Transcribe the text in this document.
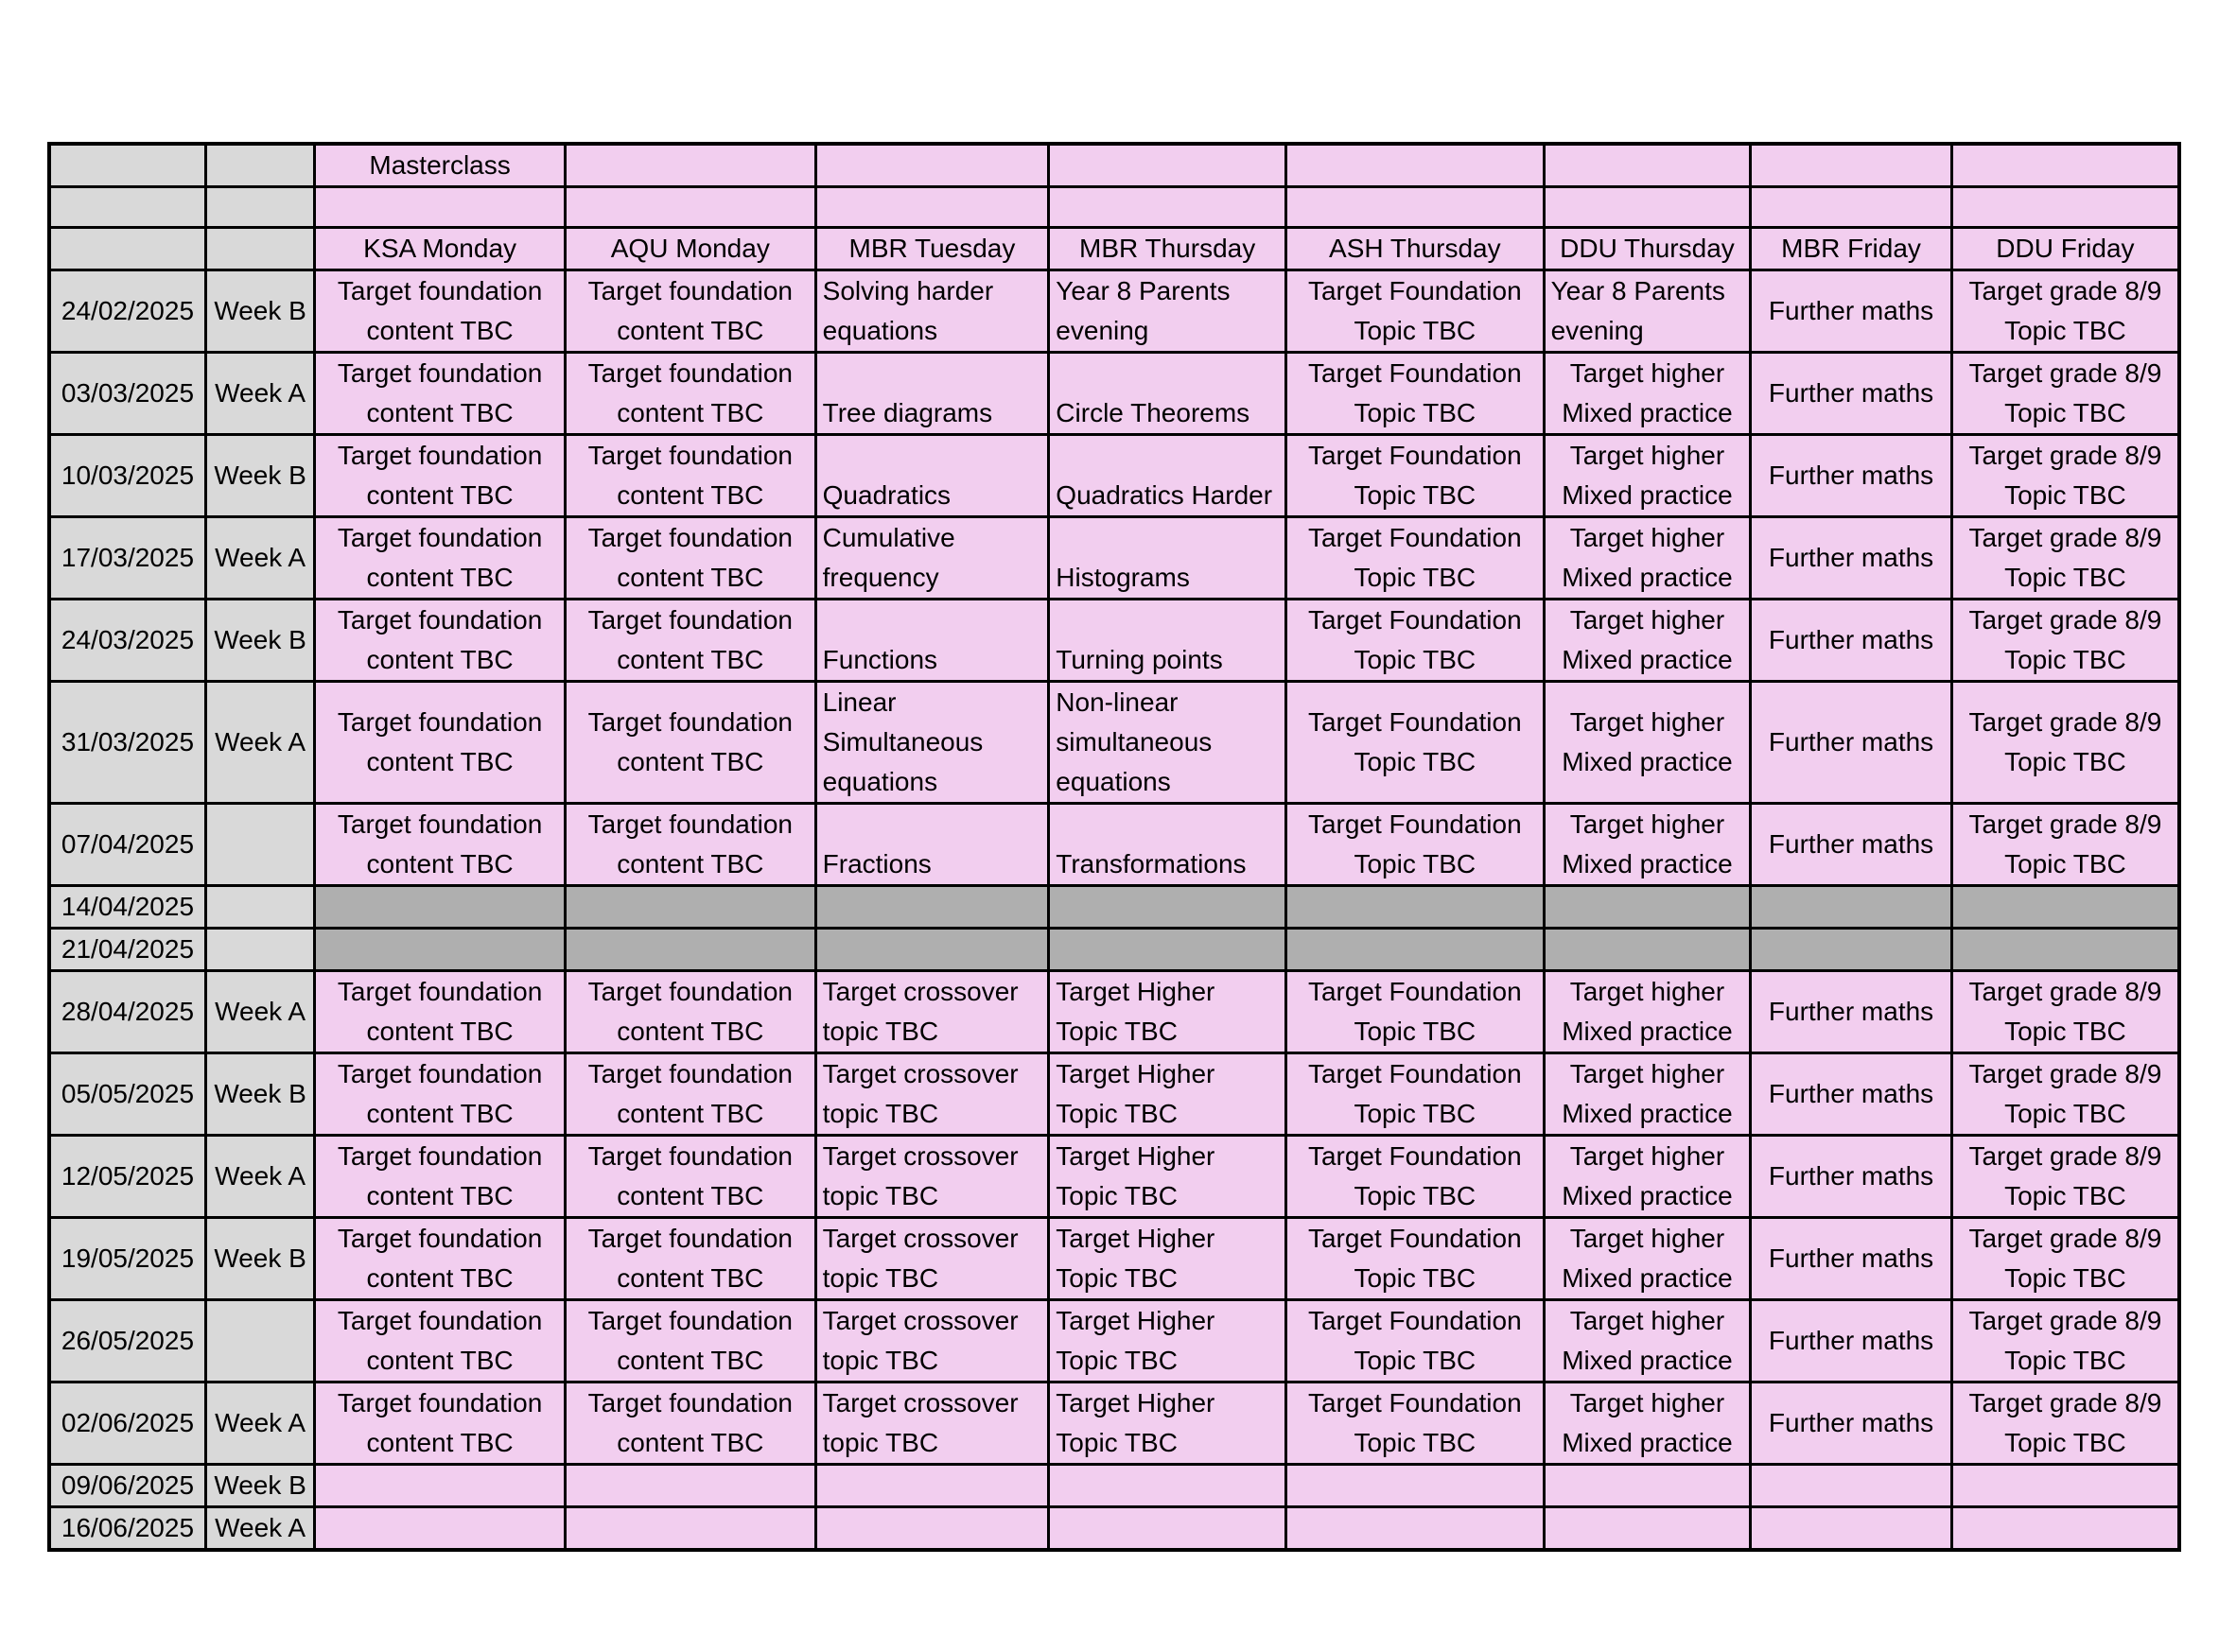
		Masterclass							

		KSA Monday	AQU Monday	MBR Tuesday	MBR Thursday	ASH Thursday	DDU Thursday	MBR Friday	DDU Friday
24/02/2025	Week B	Target foundation content TBC	Target foundation content TBC	Solving harder equations	Year 8 Parents evening	Target Foundation Topic TBC	Year 8 Parents evening	Further maths	Target grade 8/9 Topic TBC
03/03/2025	Week A	Target foundation content TBC	Target foundation content TBC	Tree diagrams	Circle Theorems	Target Foundation Topic TBC	Target higher Mixed practice	Further maths	Target grade 8/9 Topic TBC
10/03/2025	Week B	Target foundation content TBC	Target foundation content TBC	Quadratics	Quadratics Harder	Target Foundation Topic TBC	Target higher Mixed practice	Further maths	Target grade 8/9 Topic TBC
17/03/2025	Week A	Target foundation content TBC	Target foundation content TBC	Cumulative frequency	Histograms	Target Foundation Topic TBC	Target higher Mixed practice	Further maths	Target grade 8/9 Topic TBC
24/03/2025	Week B	Target foundation content TBC	Target foundation content TBC	Functions	Turning points	Target Foundation Topic TBC	Target higher Mixed practice	Further maths	Target grade 8/9 Topic TBC
31/03/2025	Week A	Target foundation content TBC	Target foundation content TBC	Linear Simultaneous equations	Non-linear simultaneous equations	Target Foundation Topic TBC	Target higher Mixed practice	Further maths	Target grade 8/9 Topic TBC
07/04/2025		Target foundation content TBC	Target foundation content TBC	Fractions	Transformations	Target Foundation Topic TBC	Target higher Mixed practice	Further maths	Target grade 8/9 Topic TBC
14/04/2025									
21/04/2025									
28/04/2025	Week A	Target foundation content TBC	Target foundation content TBC	Target crossover topic TBC	Target Higher Topic TBC	Target Foundation Topic TBC	Target higher Mixed practice	Further maths	Target grade 8/9 Topic TBC
05/05/2025	Week B	Target foundation content TBC	Target foundation content TBC	Target crossover topic TBC	Target Higher Topic TBC	Target Foundation Topic TBC	Target higher Mixed practice	Further maths	Target grade 8/9 Topic TBC
12/05/2025	Week A	Target foundation content TBC	Target foundation content TBC	Target crossover topic TBC	Target Higher Topic TBC	Target Foundation Topic TBC	Target higher Mixed practice	Further maths	Target grade 8/9 Topic TBC
19/05/2025	Week B	Target foundation content TBC	Target foundation content TBC	Target crossover topic TBC	Target Higher Topic TBC	Target Foundation Topic TBC	Target higher Mixed practice	Further maths	Target grade 8/9 Topic TBC
26/05/2025		Target foundation content TBC	Target foundation content TBC	Target crossover topic TBC	Target Higher Topic TBC	Target Foundation Topic TBC	Target higher Mixed practice	Further maths	Target grade 8/9 Topic TBC
02/06/2025	Week A	Target foundation content TBC	Target foundation content TBC	Target crossover topic TBC	Target Higher Topic TBC	Target Foundation Topic TBC	Target higher Mixed practice	Further maths	Target grade 8/9 Topic TBC
09/06/2025	Week B								
16/06/2025	Week A								
